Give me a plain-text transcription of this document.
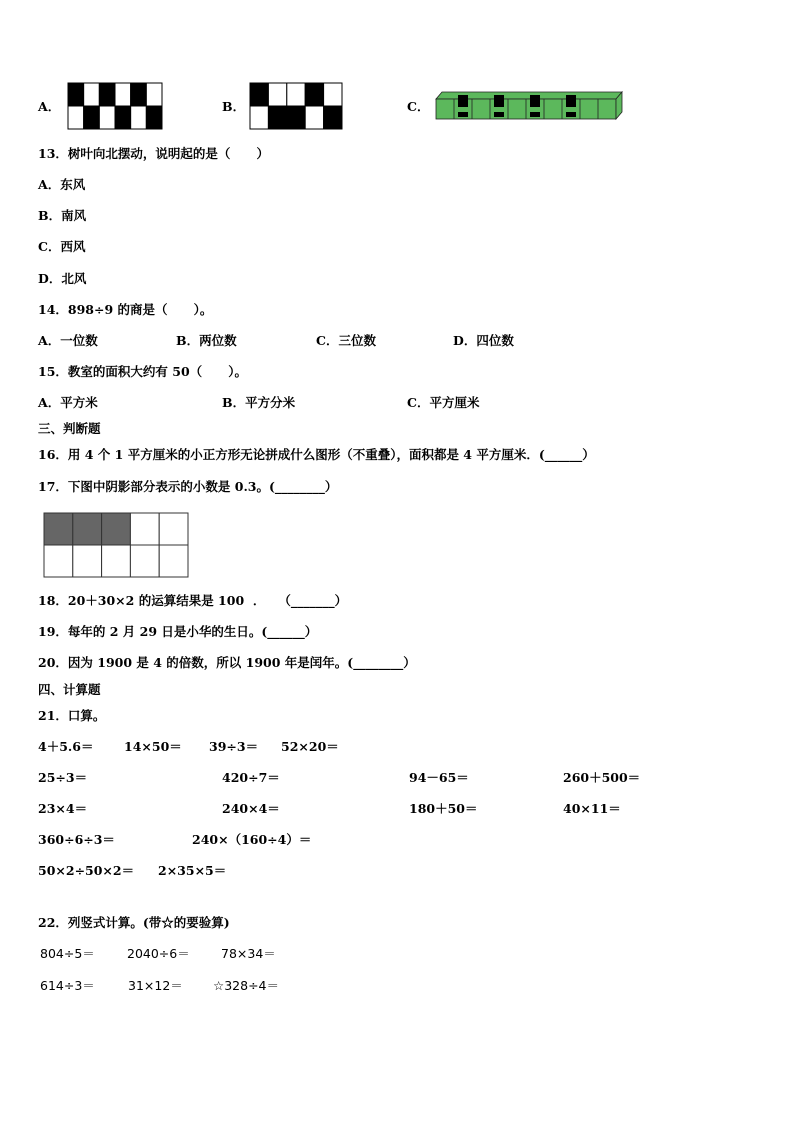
A．	B．	C．
13．树叶向北摆动，说明起的是（      ）
A．东风
B．南风
C．西风
D．北风
14．898÷9 的商是（      ）。
A．一位数	B．两位数	C．三位数	D．四位数
15．教室的面积大约有 50（      ）。
A．平方米	B．平方分米	C．平方厘米
三、判断题
16．用 4 个 1 平方厘米的小正方形无论拼成什么图形（不重叠），面积都是 4 平方厘米．(______）
17．下图中阴影部分表示的小数是 0.3。(________）
18．20＋30×2 的运算结果是 100  ．   （_______）
19．每年的 2 月 29 日是小华的生日。(______）
20．因为 1900 是 4 的倍数，所以 1900 年是闰年。(________）
四、计算题
21．口算。
4＋5.6＝ 14×50＝ 39÷3＝ 52×20＝
25÷3＝	420÷7＝	94－65＝	260＋500＝
23×4＝	240×4＝	180＋50＝	40×11＝
360÷6÷3＝	240×（160÷4）＝
50×2÷50×2＝ 2×35×5＝
22．列竖式计算。(带☆的要验算)
804÷5＝	2040÷6＝	78×34＝
614÷3＝	31×12＝ ☆328÷4＝
